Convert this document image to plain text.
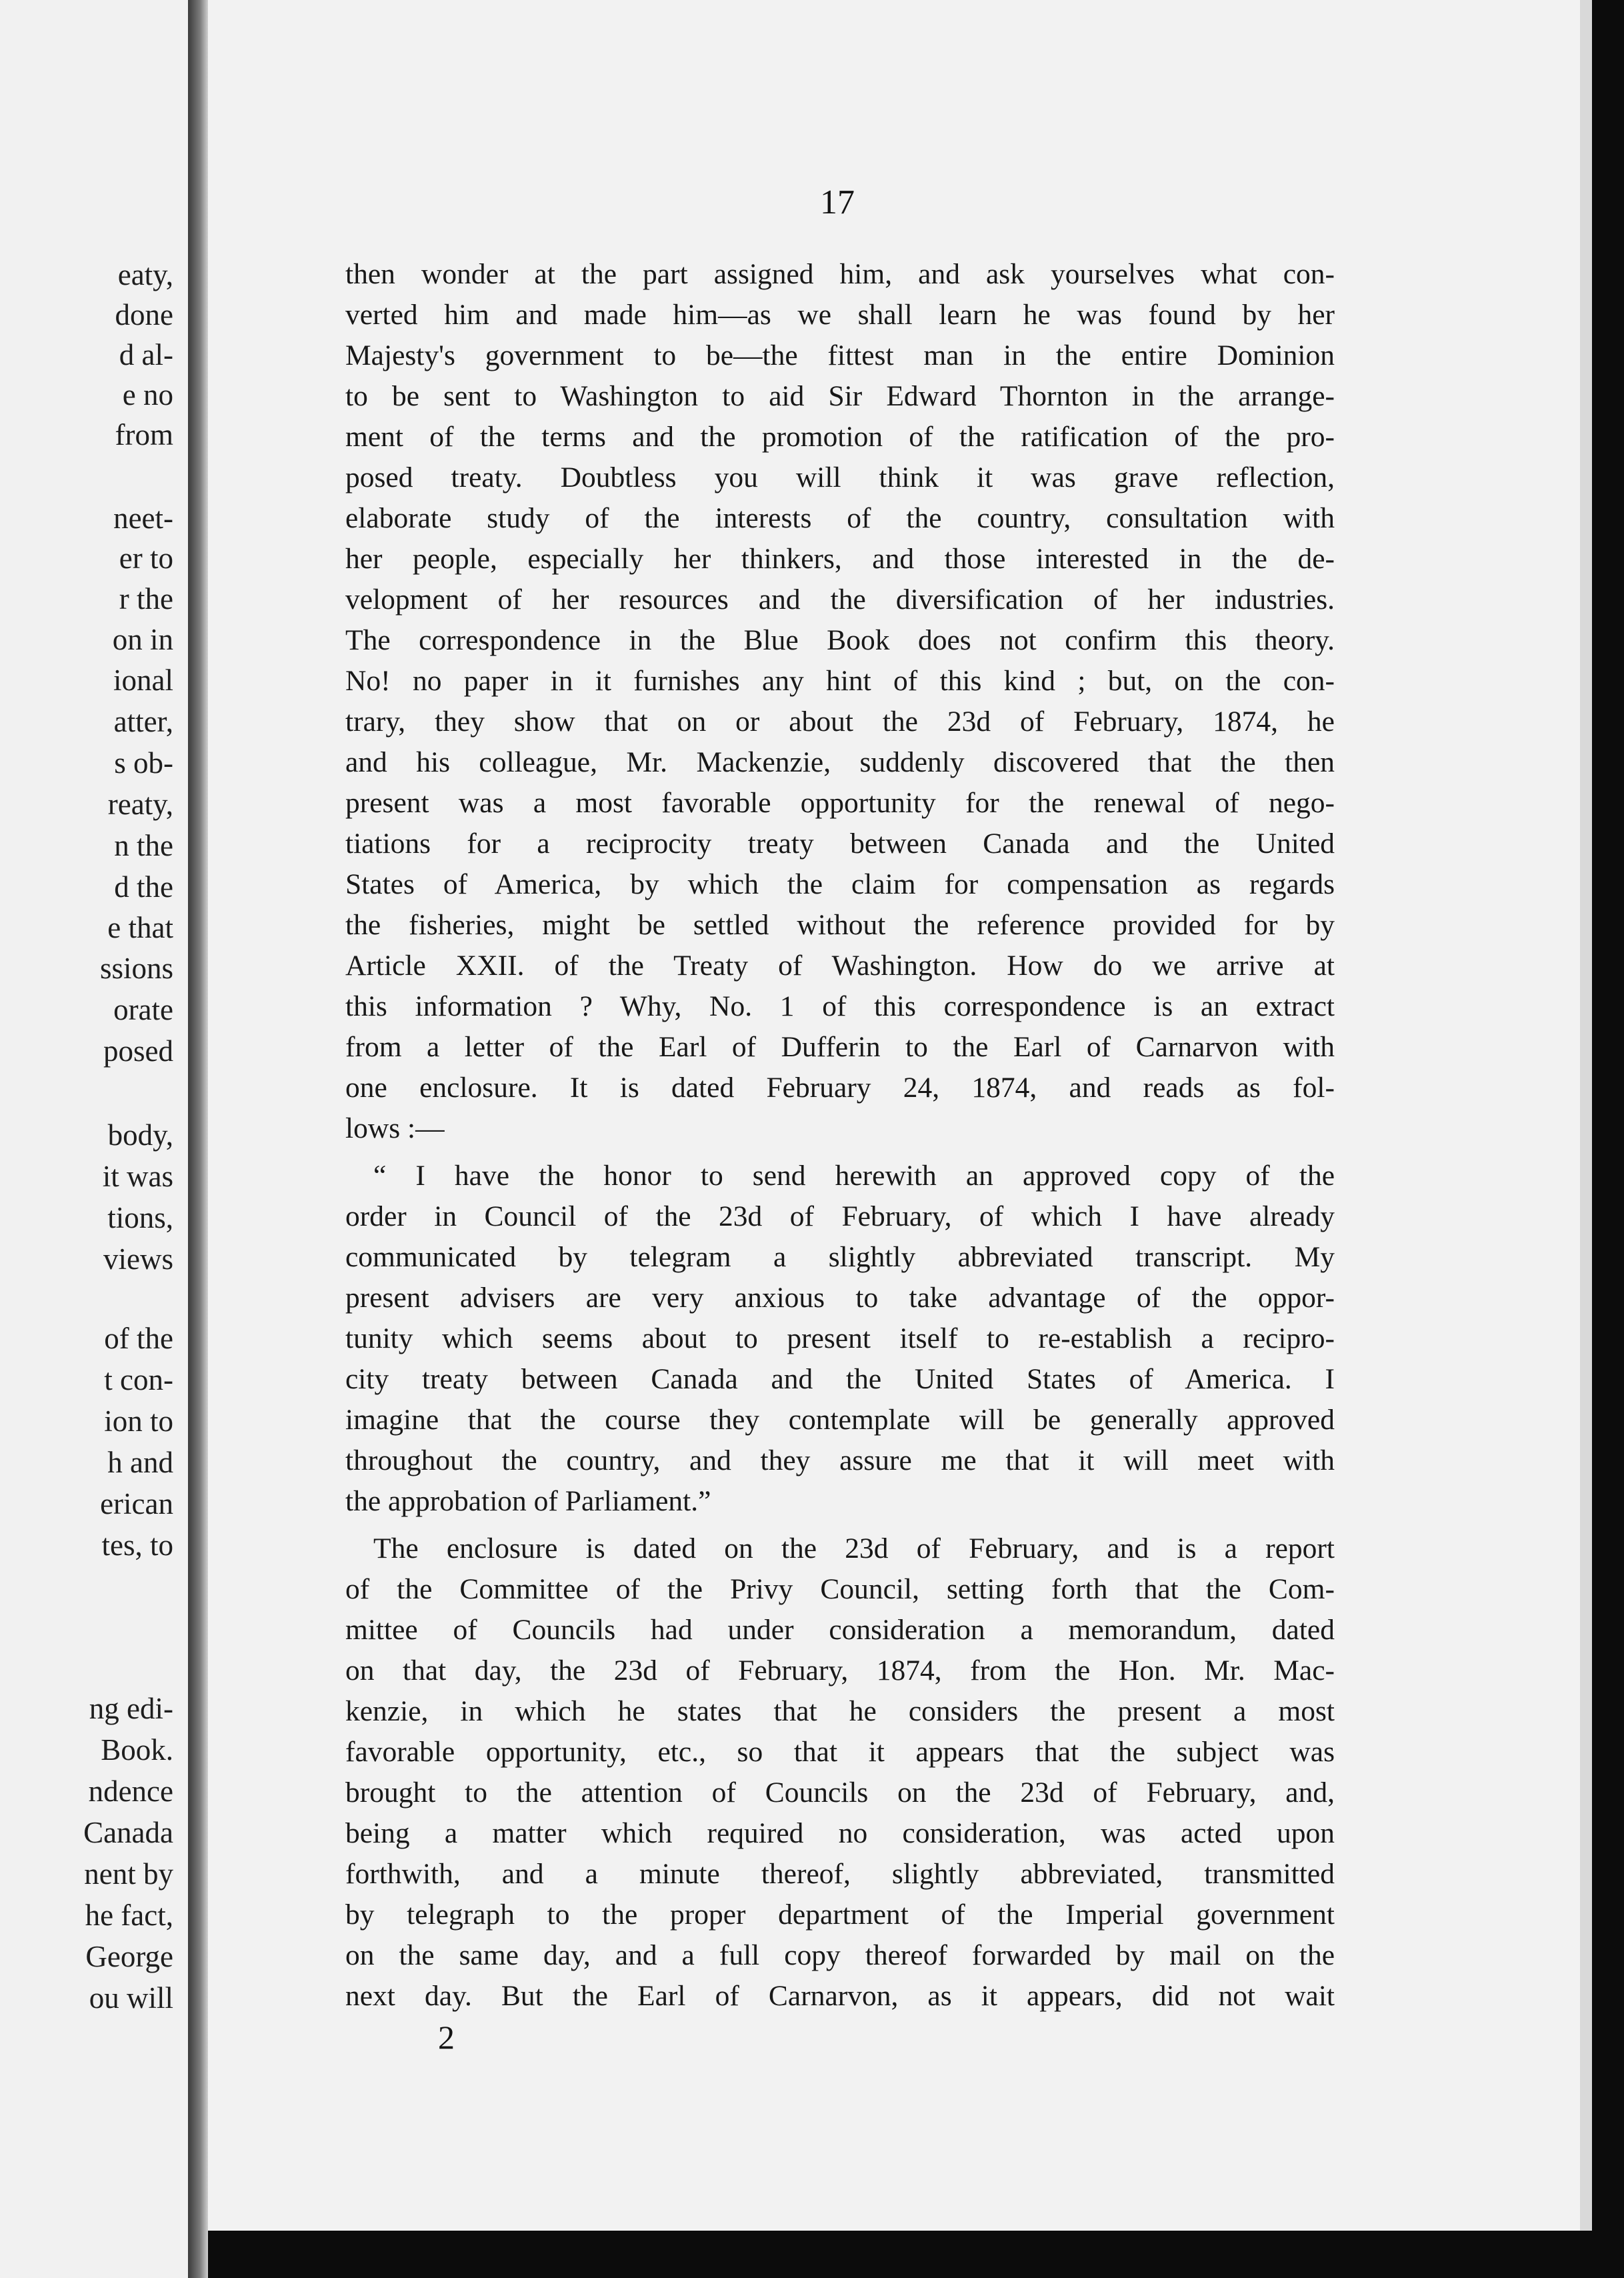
eaty,
done
d al-
e no
from
neet-
er to
r the
on in
ional
atter,
s ob-
reaty,
n the
d the
e that
ssions
orate
posed
body,
it was
tions,
views
of the
t con-
ion to
h and
erican
tes, to
ng edi-
Book.
ndence
Canada
nent by
he fact,
George
ou will
17
then wonder at the part assigned him, and ask yourselves what con-
verted him and made him—as we shall learn he was found by her
Majesty's government to be—the fittest man in the entire Dominion
to be sent to Washington to aid Sir Edward Thornton in the arrange-
ment of the terms and the promotion of the ratification of the pro-
posed treaty. Doubtless you will think it was grave reflection,
elaborate study of the interests of the country, consultation with
her people, especially her thinkers, and those interested in the de-
velopment of her resources and the diversification of her industries.
The correspondence in the Blue Book does not confirm this theory.
No! no paper in it furnishes any hint of this kind ; but, on the con-
trary, they show that on or about the 23d of February, 1874, he
and his colleague, Mr. Mackenzie, suddenly discovered that the then
present was a most favorable opportunity for the renewal of nego-
tiations for a reciprocity treaty between Canada and the United
States of America, by which the claim for compensation as regards
the fisheries, might be settled without the reference provided for by
Article XXII. of the Treaty of Washington. How do we arrive at
this information ? Why, No. 1 of this correspondence is an extract
from a letter of the Earl of Dufferin to the Earl of Carnarvon with
one enclosure. It is dated February 24, 1874, and reads as fol-
lows :—
“ I have the honor to send herewith an approved copy of the
order in Council of the 23d of February, of which I have already
communicated by telegram a slightly abbreviated transcript. My
present advisers are very anxious to take advantage of the oppor-
tunity which seems about to present itself to re-establish a recipro-
city treaty between Canada and the United States of America. I
imagine that the course they contemplate will be generally approved
throughout the country, and they assure me that it will meet with
the approbation of Parliament.”
The enclosure is dated on the 23d of February, and is a report
of the Committee of the Privy Council, setting forth that the Com-
mittee of Councils had under consideration a memorandum, dated
on that day, the 23d of February, 1874, from the Hon. Mr. Mac-
kenzie, in which he states that he considers the present a most
favorable opportunity, etc., so that it appears that the subject was
brought to the attention of Councils on the 23d of February, and,
being a matter which required no consideration, was acted upon
forthwith, and a minute thereof, slightly abbreviated, transmitted
by telegraph to the proper department of the Imperial government
on the same day, and a full copy thereof forwarded by mail on the
next day. But the Earl of Carnarvon, as it appears, did not wait
2
